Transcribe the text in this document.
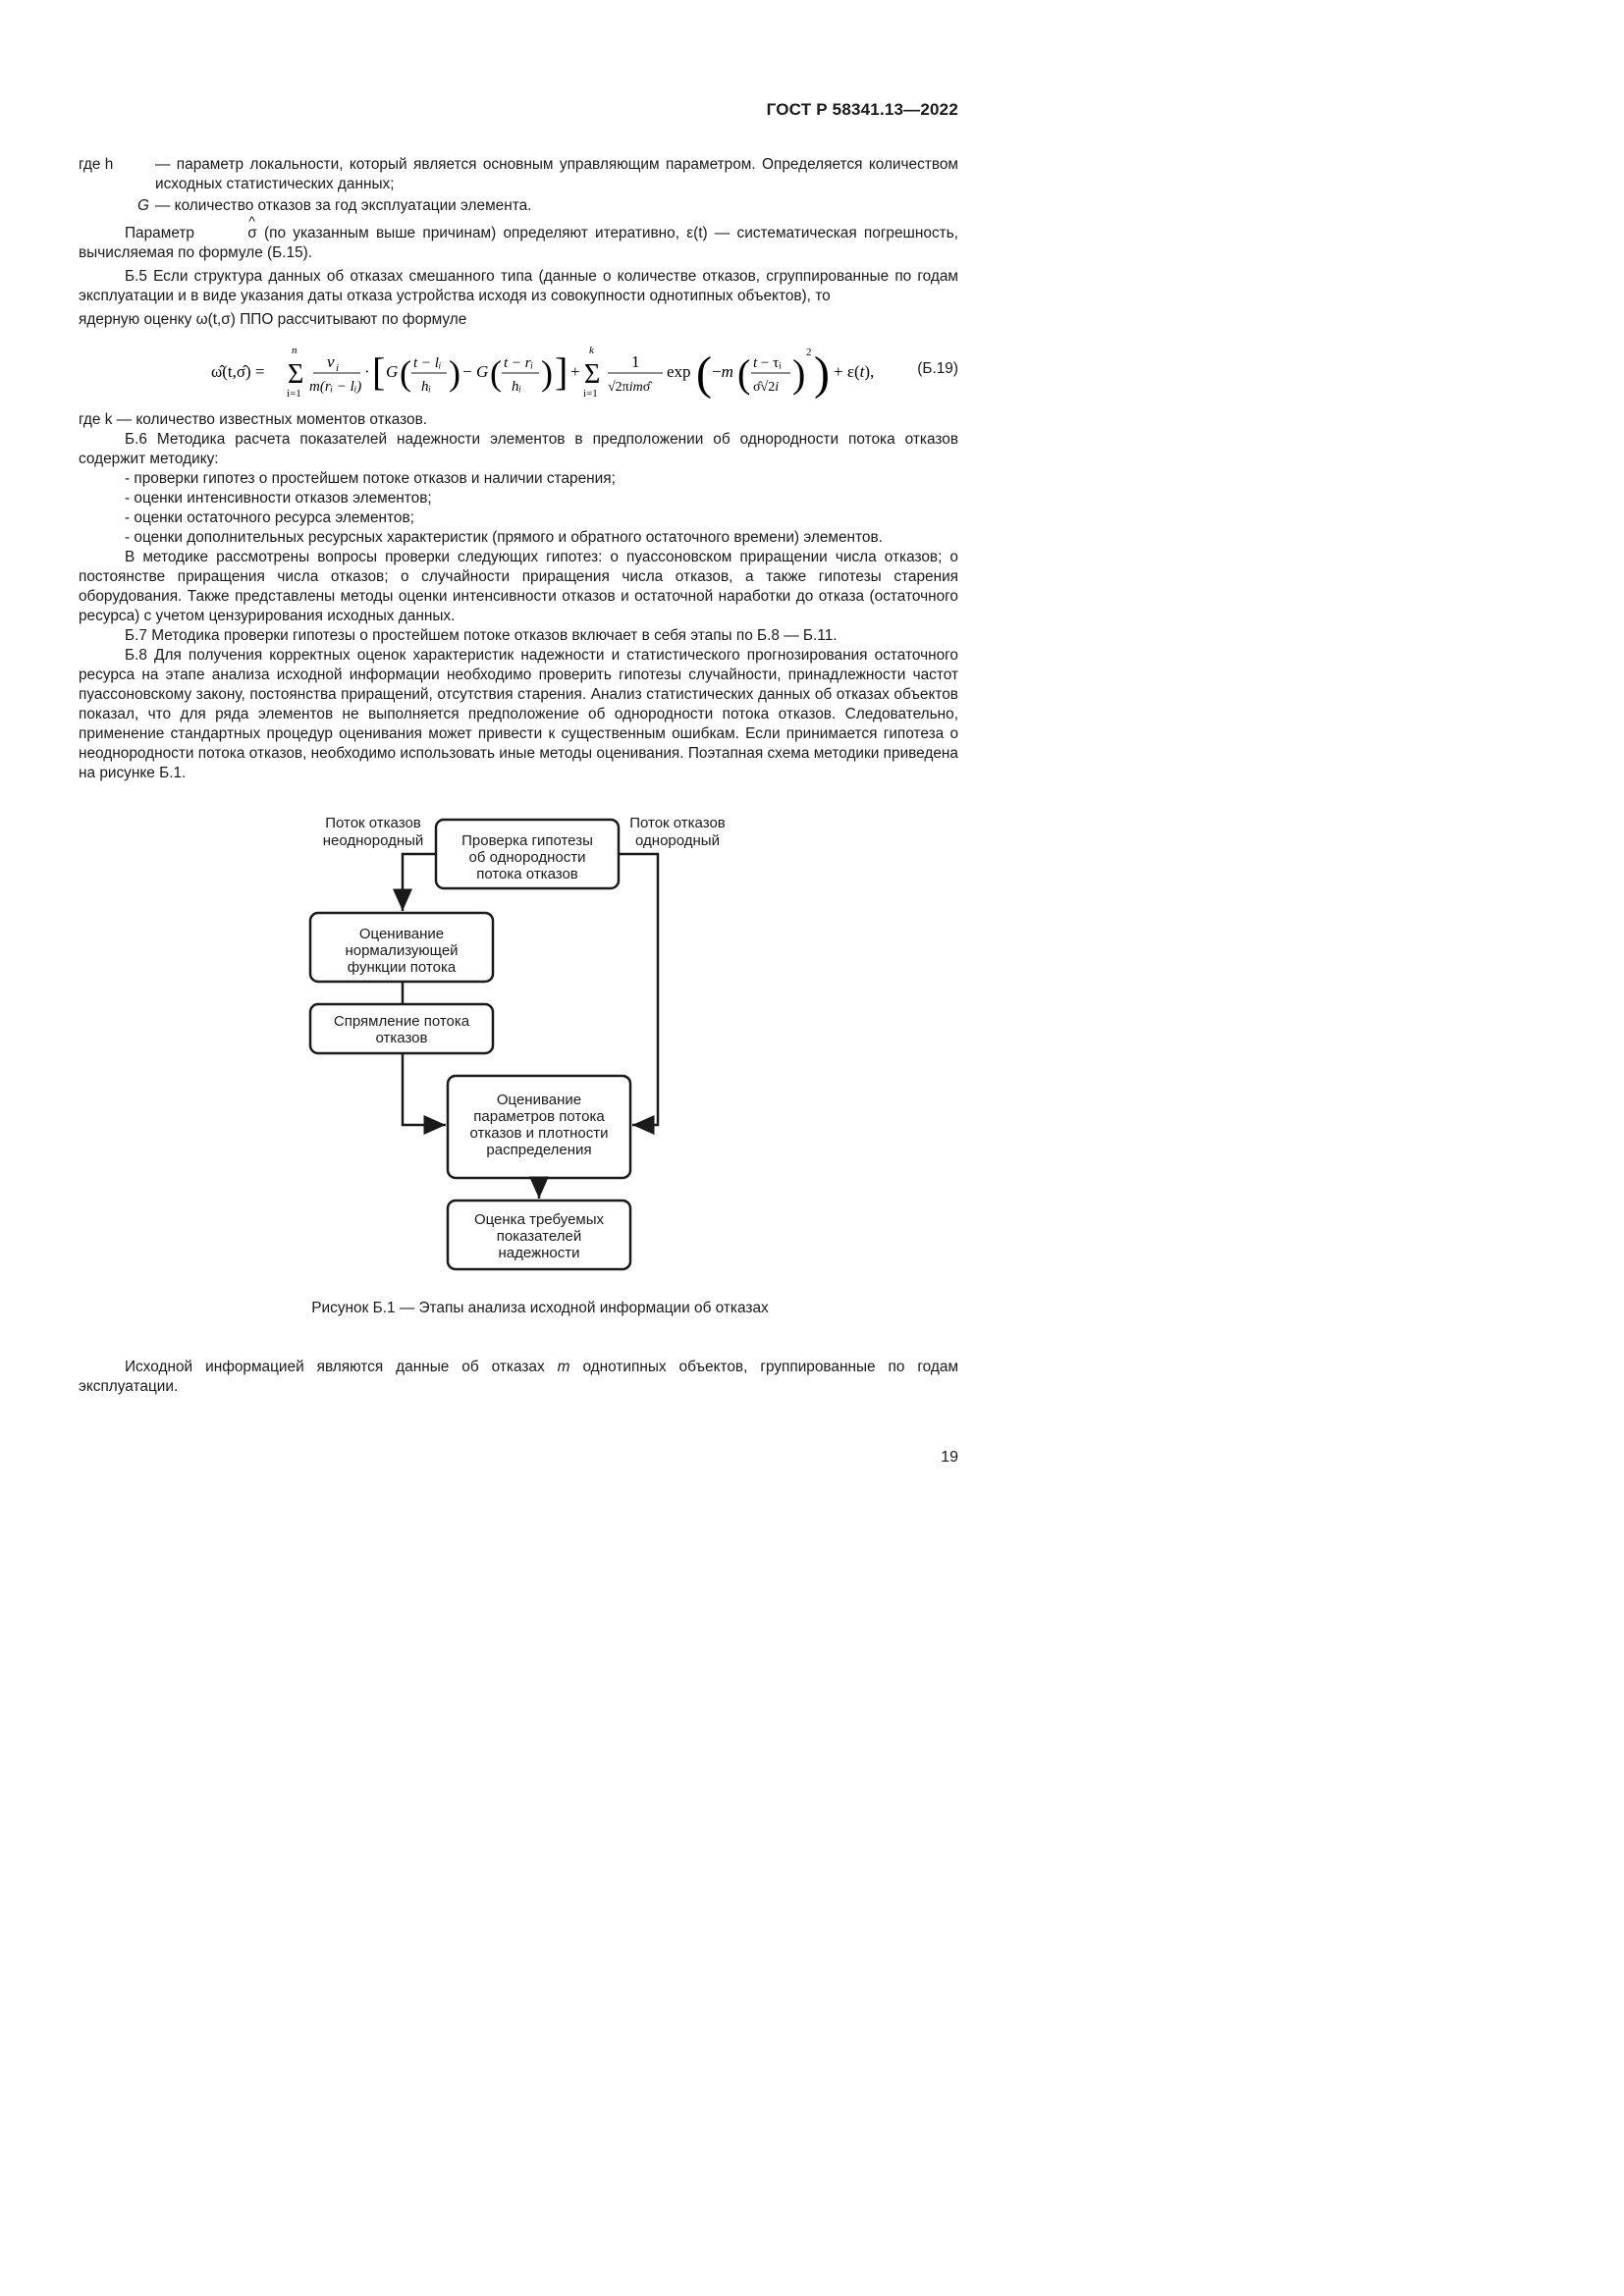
ГОСТ Р 58341.13—2022
где h	— параметр локальности, который является основным управляющим параметром. Определяется количеством исходных статистических данных;
G — количество отказов за год эксплуатации элемента.

Параметр ^	σ (по указанным выше причинам) определяют итеративно, ε(t) — систематическая погрешность, вычисляемая по формуле (Б.15).

Б.5 Если структура данных об отказах смешанного типа (данные о количестве отказов, сгруппированные по годам эксплуатации и в виде указания даты отказа устройства исходя из совокупности однотипных объектов), то

ядерную оценку ω(t,σ) ППО рассчитывают по формуле

ω̂(t,σ̂) = Σ
n
i=1
ν i
m(rᵢ − lᵢ)
· [ G ( t − lᵢ
hᵢ ) − G ( t − rᵢ
hᵢ ) ] + Σ
k
i=1
1
√2πimσ̂
exp ( −m ( t − τᵢ
σ̂√2i ) 2 ) + ε(t),	(Б.19)

где k — количество известных моментов отказов.

Б.6 Методика расчета показателей надежности элементов в предположении об однородности потока отказов содержит методику:

- проверки гипотез о простейшем потоке отказов и наличии старения;

- оценки интенсивности отказов элементов;

- оценки остаточного ресурса элементов;

- оценки дополнительных ресурсных характеристик (прямого и обратного остаточного времени) элементов.

В методике рассмотрены вопросы проверки следующих гипотез: о пуассоновском приращении числа отказов; о постоянстве приращения числа отказов; о случайности приращения числа отказов, а также гипотезы старения оборудования. Также представлены методы оценки интенсивности отказов и остаточной наработки до отказа (остаточного ресурса) с учетом цензурирования исходных данных.

Б.7 Методика проверки гипотезы о простейшем потоке отказов включает в себя этапы по Б.8 — Б.11.

Б.8 Для получения корректных оценок характеристик надежности и статистического прогнозирования остаточного ресурса на этапе анализа исходной информации необходимо проверить гипотезы случайности, принадлежности частот пуассоновскому закону, постоянства приращений, отсутствия старения. Анализ статистических данных об отказах объектов показал, что для ряда элементов не выполняется предположение об однородности потока отказов. Следовательно, применение стандартных процедур оценивания может привести к существенным ошибкам. Если принимается гипотеза о неоднородности потока отказов, необходимо использовать иные методы оценивания. Поэтапная схема методики приведена на рисунке Б.1.

Поток отказов
неоднородный
Поток отказов
однородный
Проверка гипотезы
об однородности
потока отказов
Оценивание
нормализующей
функции потока
Спрямление потока
отказов
Оценивание
параметров потока
отказов и плотности
распределения
Оценка требуемых
показателей
надежности
Рисунок Б.1 — Этапы анализа исходной информации об отказах

Исходной информацией являются данные об отказах m однотипных объектов, группированные по годам эксплуатации.

19
